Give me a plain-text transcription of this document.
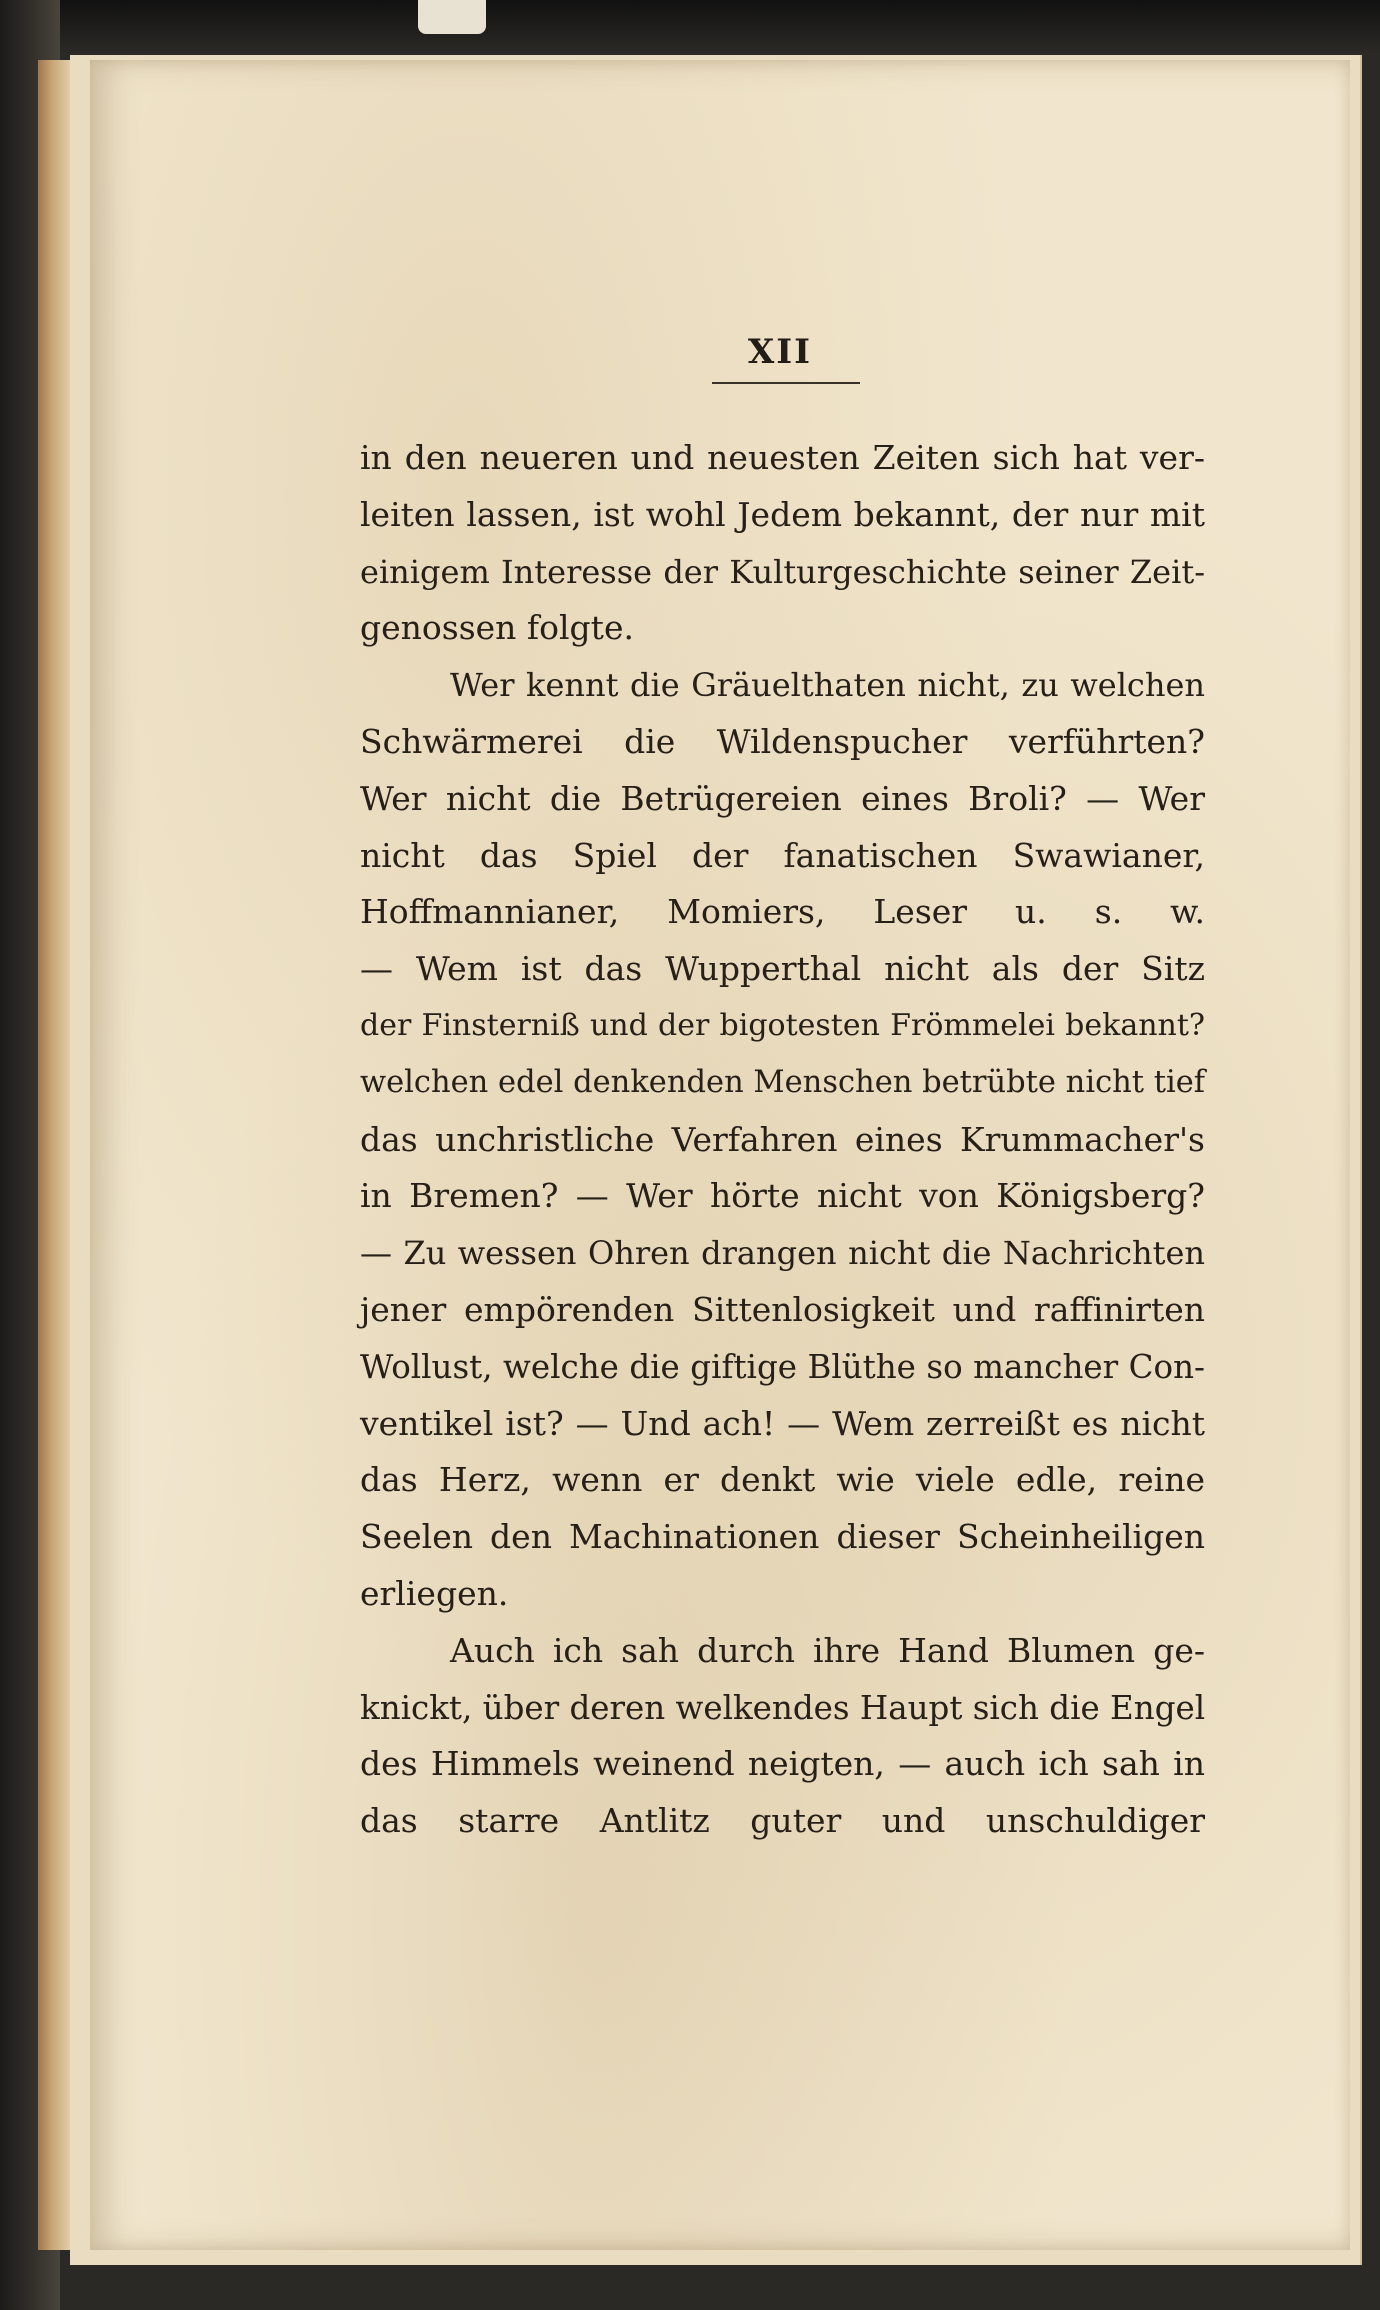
XII
in den neueren und neuesten Zeiten sich hat ver-
leiten lassen, ist wohl Jedem bekannt, der nur mit
einigem Interesse der Kulturgeschichte seiner Zeit-
genossen folgte.
Wer kennt die Gräuelthaten nicht, zu welchen
Schwärmerei die Wildenspucher verführten?
Wer nicht die Betrügereien eines Broli? — Wer
nicht das Spiel der fanatischen Swawianer,
Hoffmannianer, Momiers, Leser u. s. w.
— Wem ist das Wupperthal nicht als der Sitz
der Finsterniß und der bigotesten Frömmelei bekannt?
welchen edel denkenden Menschen betrübte nicht tief
das unchristliche Verfahren eines Krummacher's
in Bremen? — Wer hörte nicht von Königsberg?
— Zu wessen Ohren drangen nicht die Nachrichten
jener empörenden Sittenlosigkeit und raffinirten
Wollust, welche die giftige Blüthe so mancher Con-
ventikel ist? — Und ach! — Wem zerreißt es nicht
das Herz, wenn er denkt wie viele edle, reine
Seelen den Machinationen dieser Scheinheiligen
erliegen.
Auch ich sah durch ihre Hand Blumen ge-
knickt, über deren welkendes Haupt sich die Engel
des Himmels weinend neigten, — auch ich sah in
das starre Antlitz guter und unschuldiger
